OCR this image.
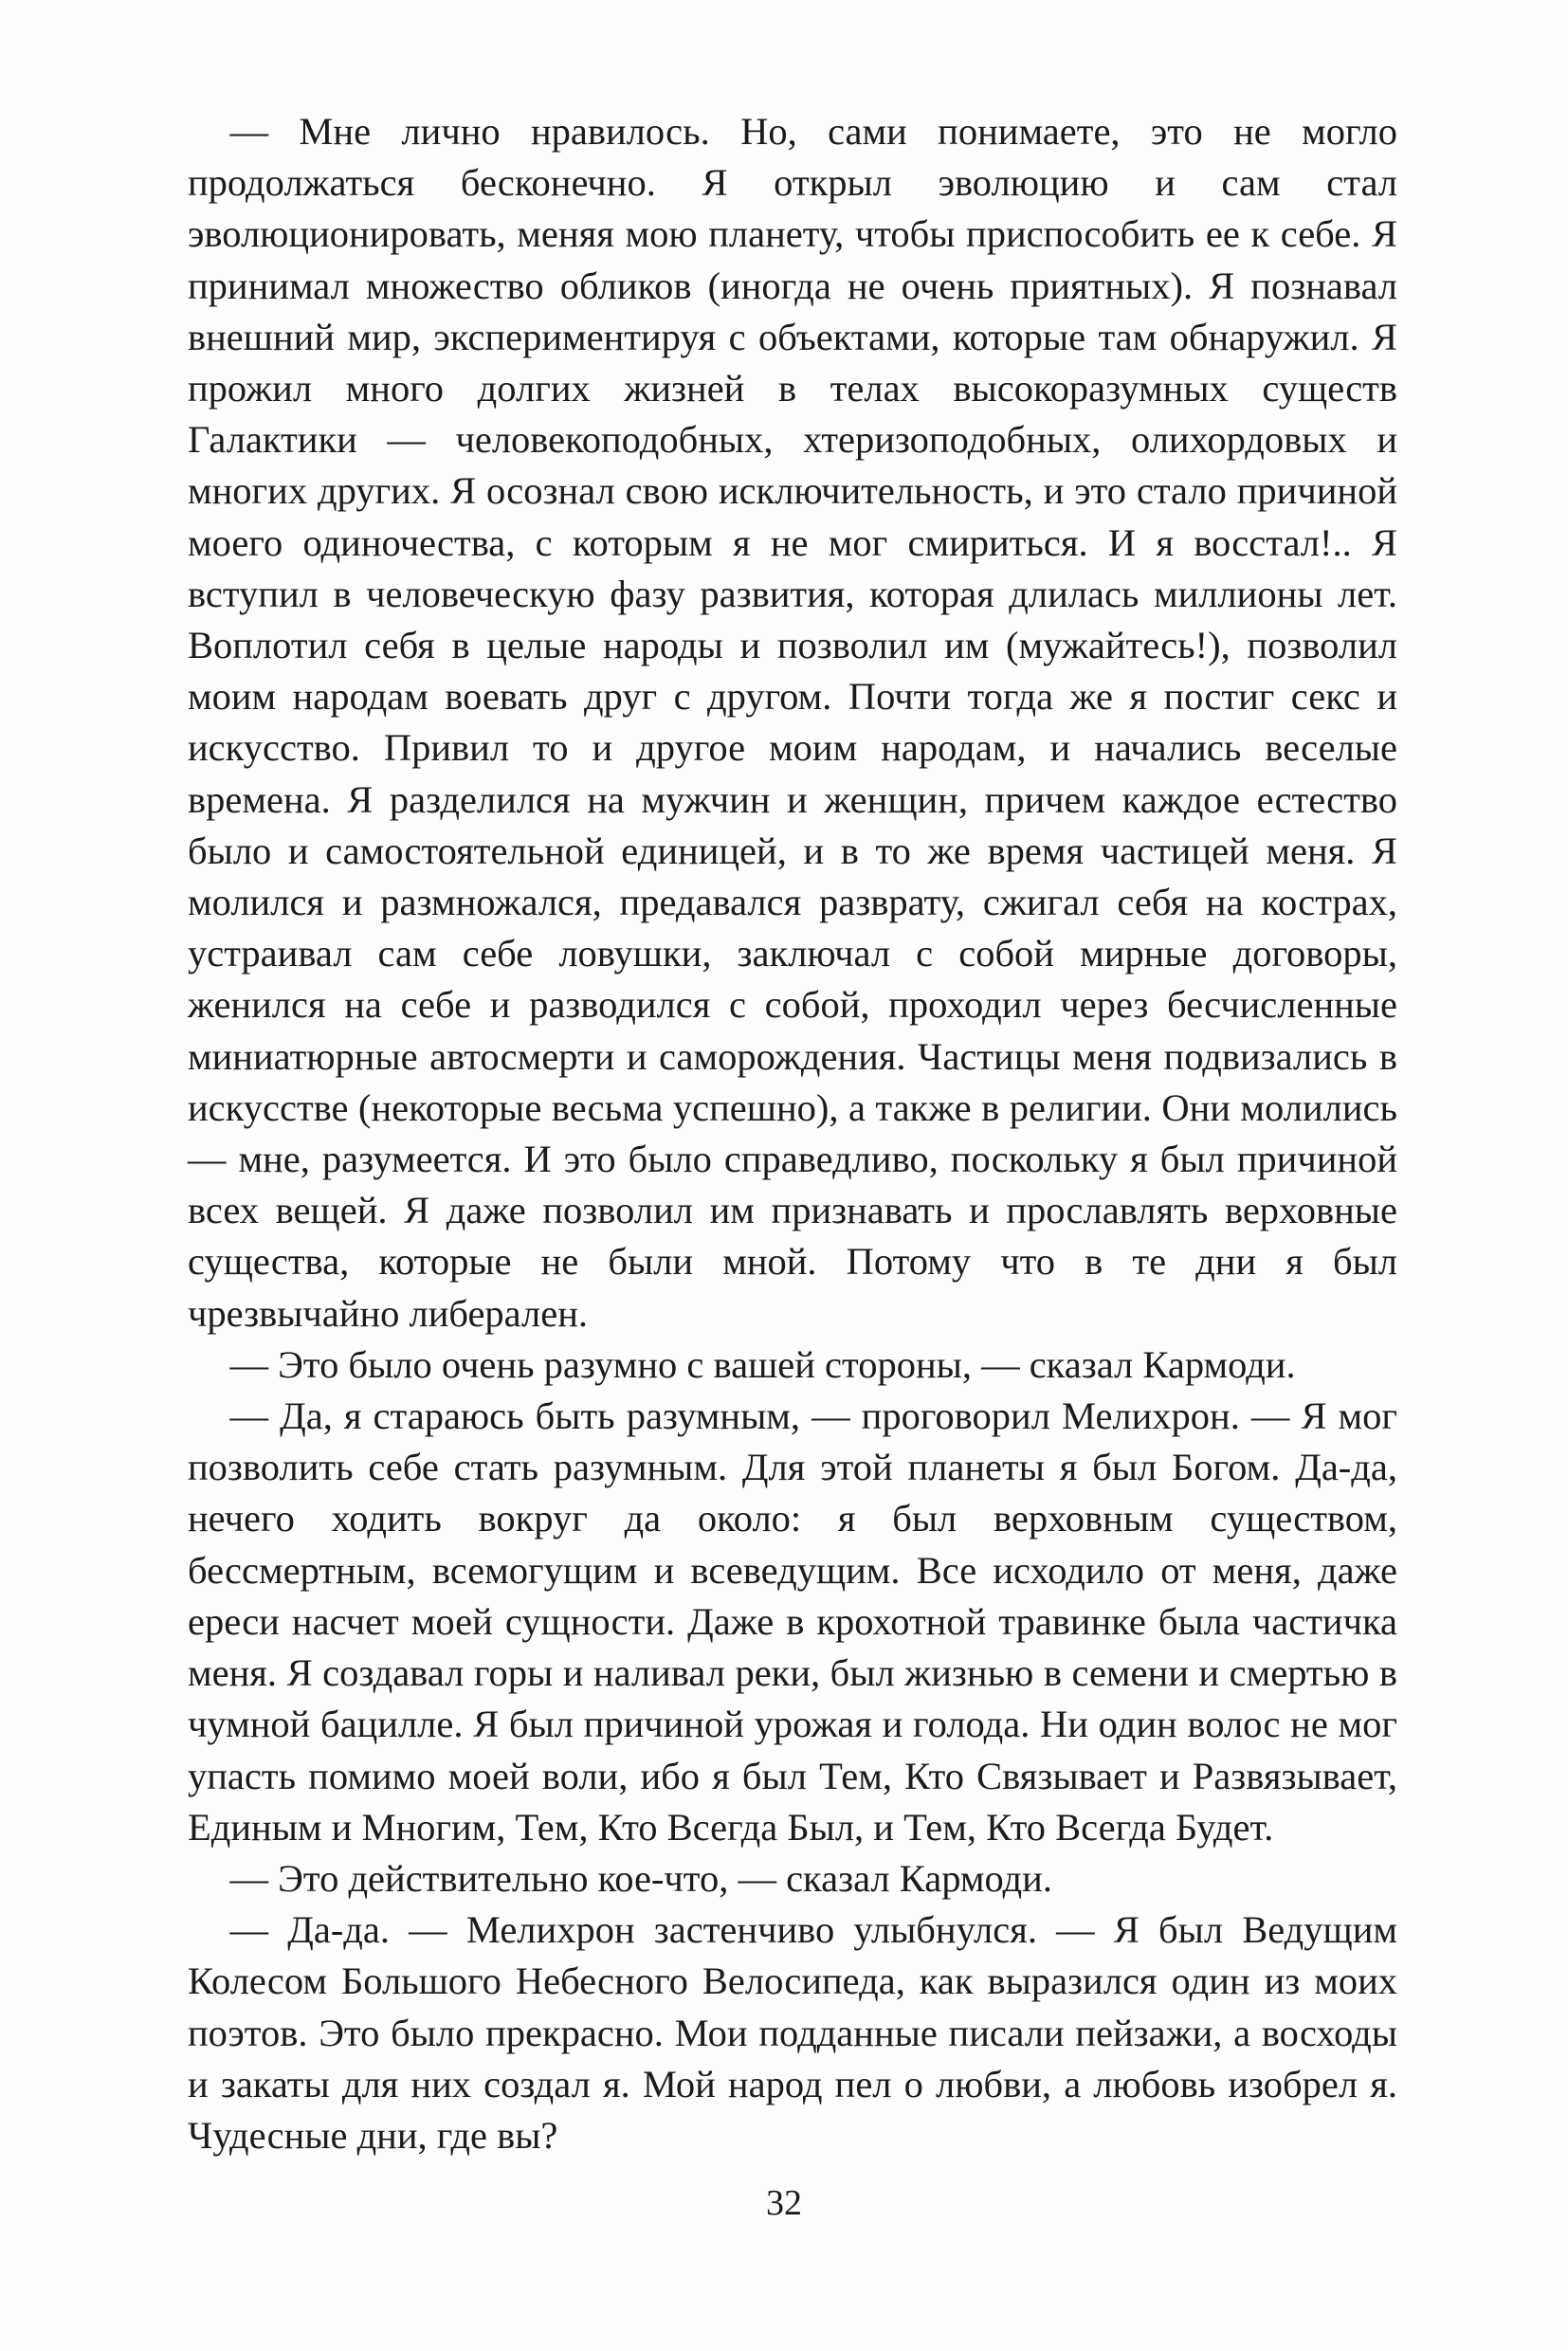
— Мне лично нравилось. Но, сами понимаете, это не могло продолжаться бесконечно. Я открыл эволюцию и сам стал эволюционировать, меняя мою планету, чтобы приспособить ее к себе. Я принимал множество обликов (иногда не очень приятных). Я познавал внешний мир, экспериментируя с объектами, которые там обнаружил. Я прожил много долгих жизней в телах высокоразумных существ Галактики — человекоподобных, хтеризоподобных, олихордовых и многих других. Я осознал свою исключительность, и это стало причиной моего одиночества, с которым я не мог смириться. И я восстал!.. Я вступил в человеческую фазу развития, которая длилась миллионы лет. Воплотил себя в целые народы и позволил им (мужайтесь!), позволил моим народам воевать друг с другом. Почти тогда же я постиг секс и искусство. Привил то и другое моим народам, и начались веселые времена. Я разделился на мужчин и женщин, причем каждое естество было и самостоятельной единицей, и в то же время частицей меня. Я молился и размножался, предавался разврату, сжигал себя на кострах, устраивал сам себе ловушки, заключал с собой мирные договоры, женился на себе и разводился с собой, проходил через бесчисленные миниатюрные автосмерти и саморождения. Частицы меня подвизались в искусстве (некоторые весьма успешно), а также в религии. Они молились — мне, разумеется. И это было справедливо, поскольку я был причиной всех вещей. Я даже позволил им признавать и прославлять верховные существа, которые не были мной. Потому что в те дни я был чрезвычайно либерален.

— Это было очень разумно с вашей стороны, — сказал Кармоди.

— Да, я стараюсь быть разумным, — проговорил Мелихрон. — Я мог позволить себе стать разумным. Для этой планеты я был Богом. Да-да, нечего ходить вокруг да около: я был верховным существом, бессмертным, всемогущим и всеведущим. Все исходило от меня, даже ереси насчет моей сущности. Даже в крохотной травинке была частичка меня. Я создавал горы и наливал реки, был жизнью в семени и смертью в чумной бацилле. Я был причиной урожая и голода. Ни один волос не мог упасть помимо моей воли, ибо я был Тем, Кто Связывает и Развязывает, Единым и Многим, Тем, Кто Всегда Был, и Тем, Кто Всегда Будет.

— Это действительно кое-что, — сказал Кармоди.

— Да-да. — Мелихрон застенчиво улыбнулся. — Я был Ведущим Колесом Большого Небесного Велосипеда, как выразился один из моих поэтов. Это было прекрасно. Мои подданные писали пейзажи, а восходы и закаты для них создал я. Мой народ пел о любви, а любовь изобрел я. Чудесные дни, где вы?

32
